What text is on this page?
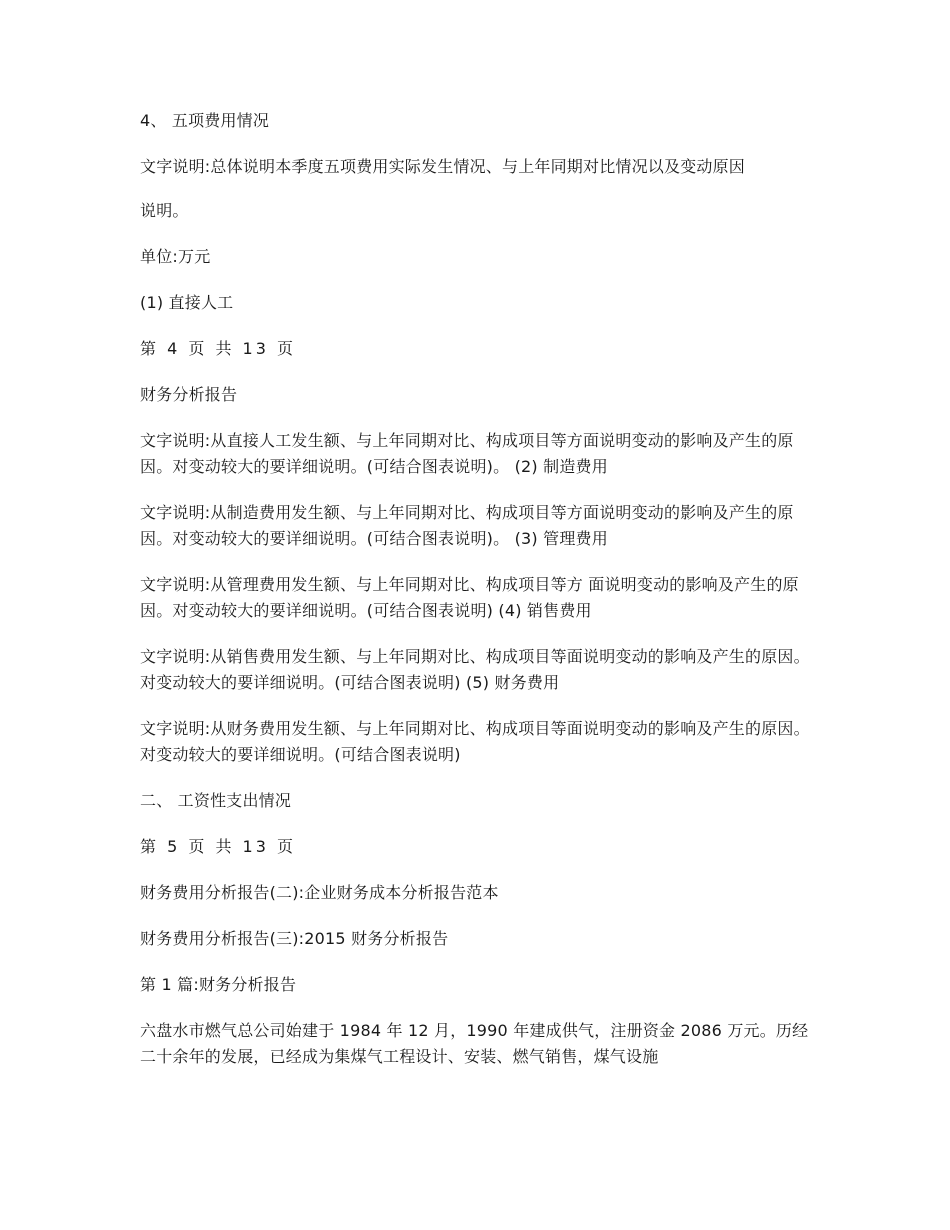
4、 五项费用情况

文字说明:总体说明本季度五项费用实际发生情况、与上年同期对比情况以及变动原因

说明。

单位:万元

(1) 直接人工

第 4 页 共 13 页

财务分析报告

文字说明:从直接人工发生额、与上年同期对比、构成项目等方面说明变动的影响及产生的原因。对变动较大的要详细说明。(可结合图表说明)。 (2) 制造费用

文字说明:从制造费用发生额、与上年同期对比、构成项目等方面说明变动的影响及产生的原因。对变动较大的要详细说明。(可结合图表说明)。 (3) 管理费用

文字说明:从管理费用发生额、与上年同期对比、构成项目等方 面说明变动的影响及产生的原因。对变动较大的要详细说明。(可结合图表说明) (4) 销售费用

文字说明:从销售费用发生额、与上年同期对比、构成项目等面说明变动的影响及产生的原因。对变动较大的要详细说明。(可结合图表说明) (5) 财务费用

文字说明:从财务费用发生额、与上年同期对比、构成项目等面说明变动的影响及产生的原因。对变动较大的要详细说明。(可结合图表说明)

二、 工资性支出情况

第 5 页 共 13 页

财务费用分析报告(二):企业财务成本分析报告范本

财务费用分析报告(三):2015 财务分析报告

第 1 篇:财务分析报告

六盘水市燃气总公司始建于 1984 年 12 月，1990 年建成供气，注册资金 2086 万元。历经二十余年的发展，已经成为集煤气工程设计、安装、燃气销售，煤气设施
